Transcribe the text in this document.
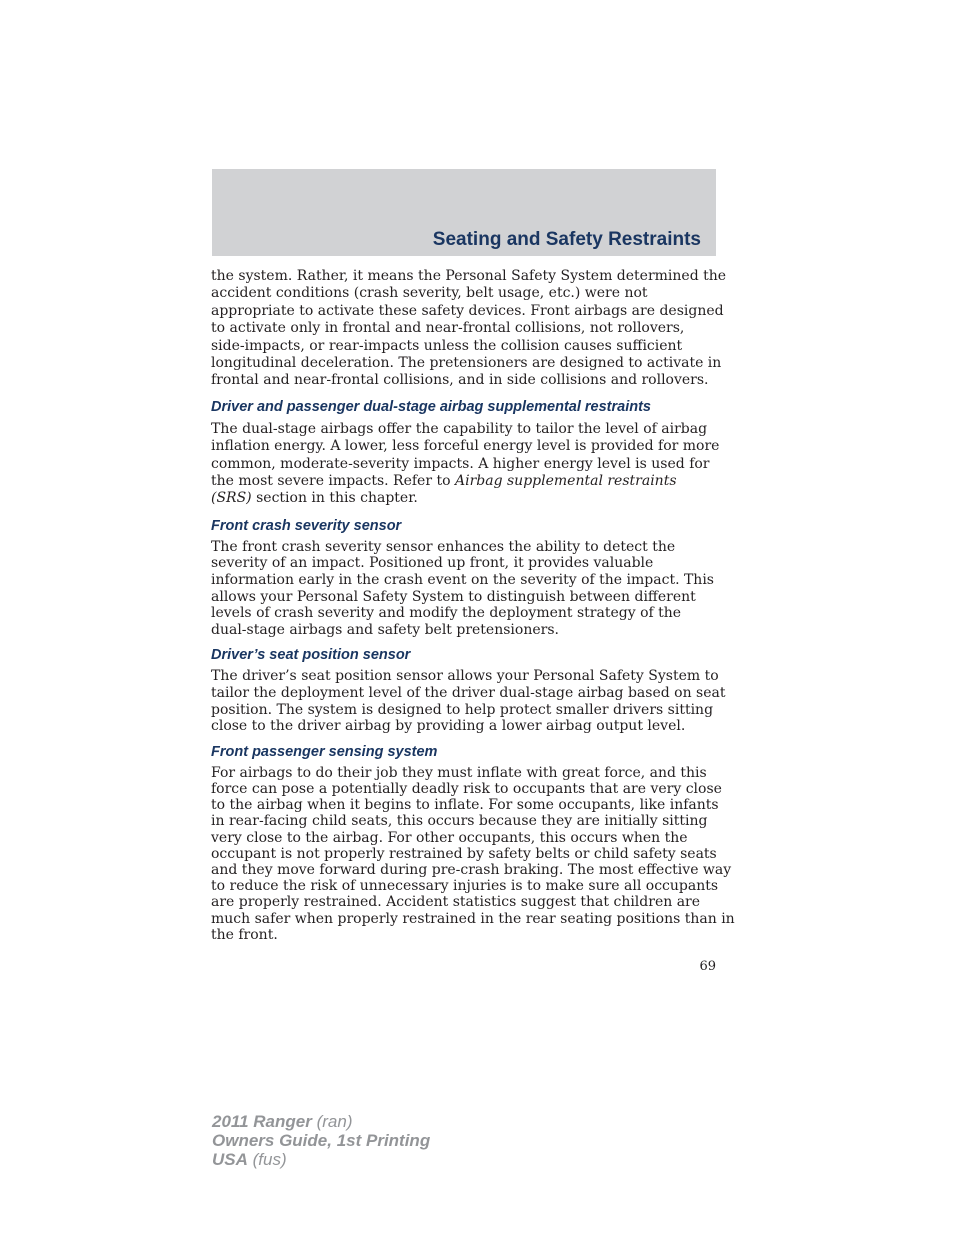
Seating and Safety Restraints

the system. Rather, it means the Personal Safety System determined the
accident conditions (crash severity, belt usage, etc.) were not
appropriate to activate these safety devices. Front airbags are designed
to activate only in frontal and near-frontal collisions, not rollovers,
side-impacts, or rear-impacts unless the collision causes sufficient
longitudinal deceleration. The pretensioners are designed to activate in
frontal and near-frontal collisions, and in side collisions and rollovers.

Driver and passenger dual-stage airbag supplemental restraints

The dual-stage airbags offer the capability to tailor the level of airbag
inflation energy. A lower, less forceful energy level is provided for more
common, moderate-severity impacts. A higher energy level is used for
the most severe impacts. Refer to Airbag supplemental restraints
(SRS) section in this chapter.

Front crash severity sensor

The front crash severity sensor enhances the ability to detect the
severity of an impact. Positioned up front, it provides valuable
information early in the crash event on the severity of the impact. This
allows your Personal Safety System to distinguish between different
levels of crash severity and modify the deployment strategy of the
dual-stage airbags and safety belt pretensioners.

Driver’s seat position sensor

The driver’s seat position sensor allows your Personal Safety System to
tailor the deployment level of the driver dual-stage airbag based on seat
position. The system is designed to help protect smaller drivers sitting
close to the driver airbag by providing a lower airbag output level.

Front passenger sensing system

For airbags to do their job they must inflate with great force, and this
force can pose a potentially deadly risk to occupants that are very close
to the airbag when it begins to inflate. For some occupants, like infants
in rear-facing child seats, this occurs because they are initially sitting
very close to the airbag. For other occupants, this occurs when the
occupant is not properly restrained by safety belts or child safety seats
and they move forward during pre-crash braking. The most effective way
to reduce the risk of unnecessary injuries is to make sure all occupants
are properly restrained. Accident statistics suggest that children are
much safer when properly restrained in the rear seating positions than in
the front.

69
2011 Ranger (ran)
Owners Guide, 1st Printing
USA (fus)
